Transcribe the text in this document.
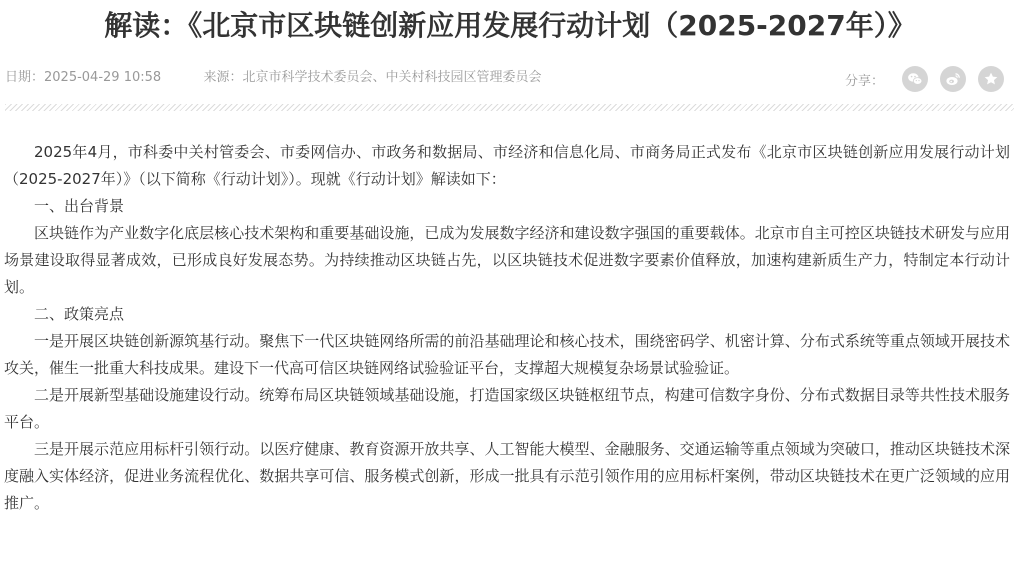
解读：《北京市区块链创新应用发展行动计划（2025-2027年）》
日期：2025-04-29 10:58	来源：北京市科学技术委员会、中关村科技园区管理委员会	分享：

2025年4月，市科委中关村管委会、市委网信办、市政务和数据局、市经济和信息化局、市商务局正式发布《北京市区块链创新应用发展行动计划（2025-2027年）》（以下简称《行动计划》）。现就《行动计划》解读如下：

一、出台背景

区块链作为产业数字化底层核心技术架构和重要基础设施，已成为发展数字经济和建设数字强国的重要载体。北京市自主可控区块链技术研发与应用场景建设取得显著成效，已形成良好发展态势。为持续推动区块链占先，以区块链技术促进数字要素价值释放，加速构建新质生产力，特制定本行动计划。

二、政策亮点

一是开展区块链创新源筑基行动。聚焦下一代区块链网络所需的前沿基础理论和核心技术，围绕密码学、机密计算、分布式系统等重点领域开展技术攻关，催生一批重大科技成果。建设下一代高可信区块链网络试验验证平台，支撑超大规模复杂场景试验验证。

二是开展新型基础设施建设行动。统筹布局区块链领域基础设施，打造国家级区块链枢纽节点，构建可信数字身份、分布式数据目录等共性技术服务平台。

三是开展示范应用标杆引领行动。以医疗健康、教育资源开放共享、人工智能大模型、金融服务、交通运输等重点领域为突破口，推动区块链技术深度融入实体经济，促进业务流程优化、数据共享可信、服务模式创新，形成一批具有示范引领作用的应用标杆案例，带动区块链技术在更广泛领域的应用推广。
